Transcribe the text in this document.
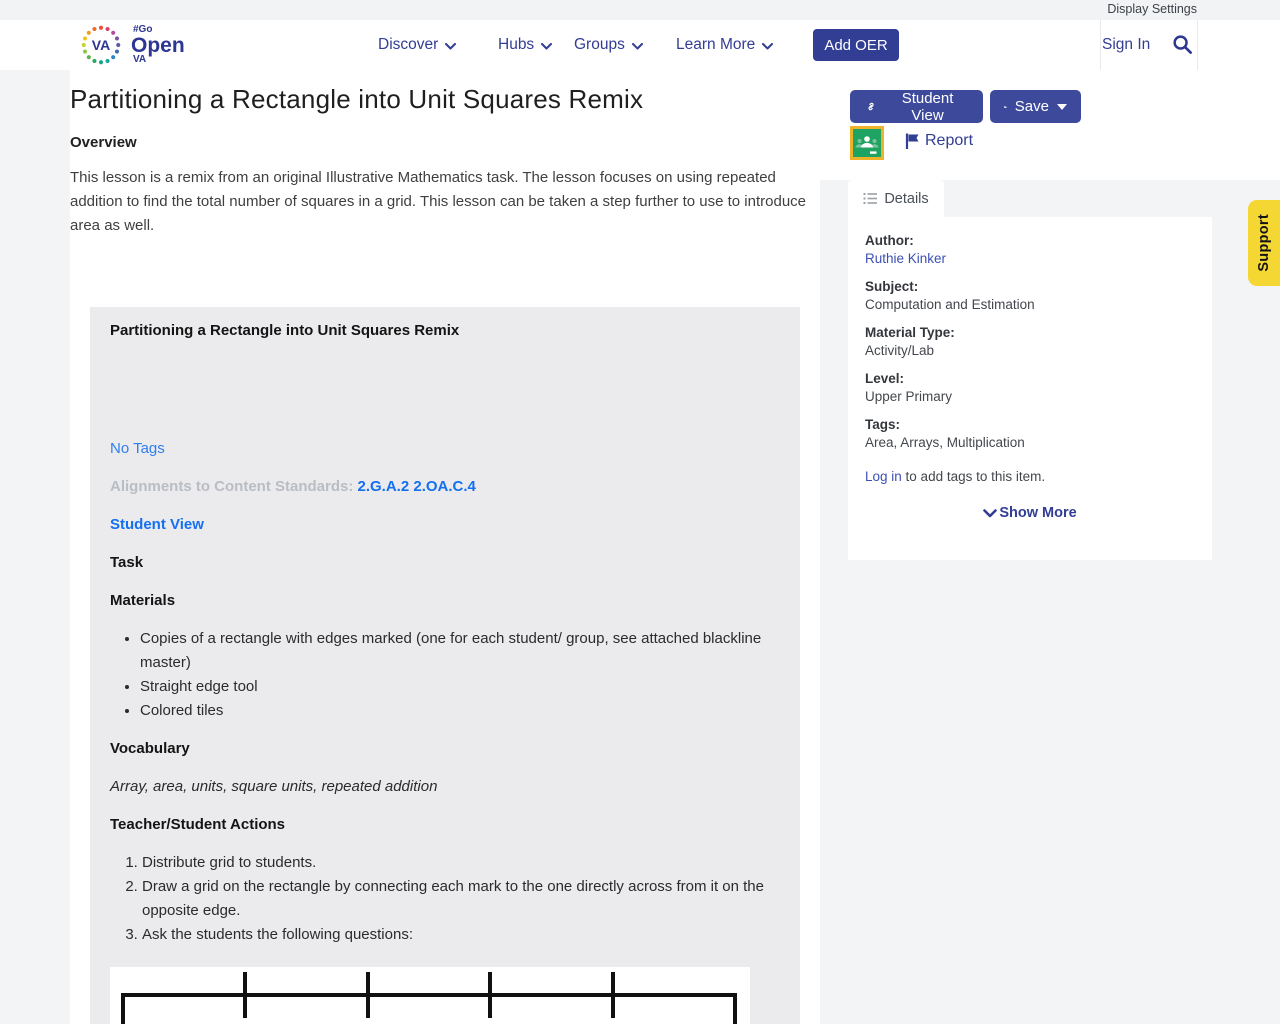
Display Settings
VA
#Go
Open
VA
Discover	Hubs	Groups	Learn More	Add OER	Sign In
Partitioning a Rectangle into Unit Squares Remix
Overview

This lesson is a remix from an original Illustrative Mathematics task. The lesson focuses on using repeated addition to find the total number of squares in a grid. This lesson can be taken a step further to use to introduce area as well.

Partitioning a Rectangle into Unit Squares Remix

No Tags
Alignments to Content Standards: 2.G.A.2 2.OA.C.4
Student View
Task
Materials
• Copies of a rectangle with edges marked (one for each student/ group, see attached blackline master)
• Straight edge tool
• Colored tiles
Vocabulary
Array, area, units, square units, repeated addition
Teacher/Student Actions
1. Distribute grid to students.
2. Draw a grid on the rectangle by connecting each mark to the one directly across from it on the opposite edge.
3. Ask the students the following questions:
Student View	Save
Report
Details
Author:
Ruthie Kinker
Subject:
Computation and Estimation
Material Type:
Activity/Lab
Level:
Upper Primary
Tags:
Area, Arrays, Multiplication
Log in to add tags to this item.
Show More
Support
